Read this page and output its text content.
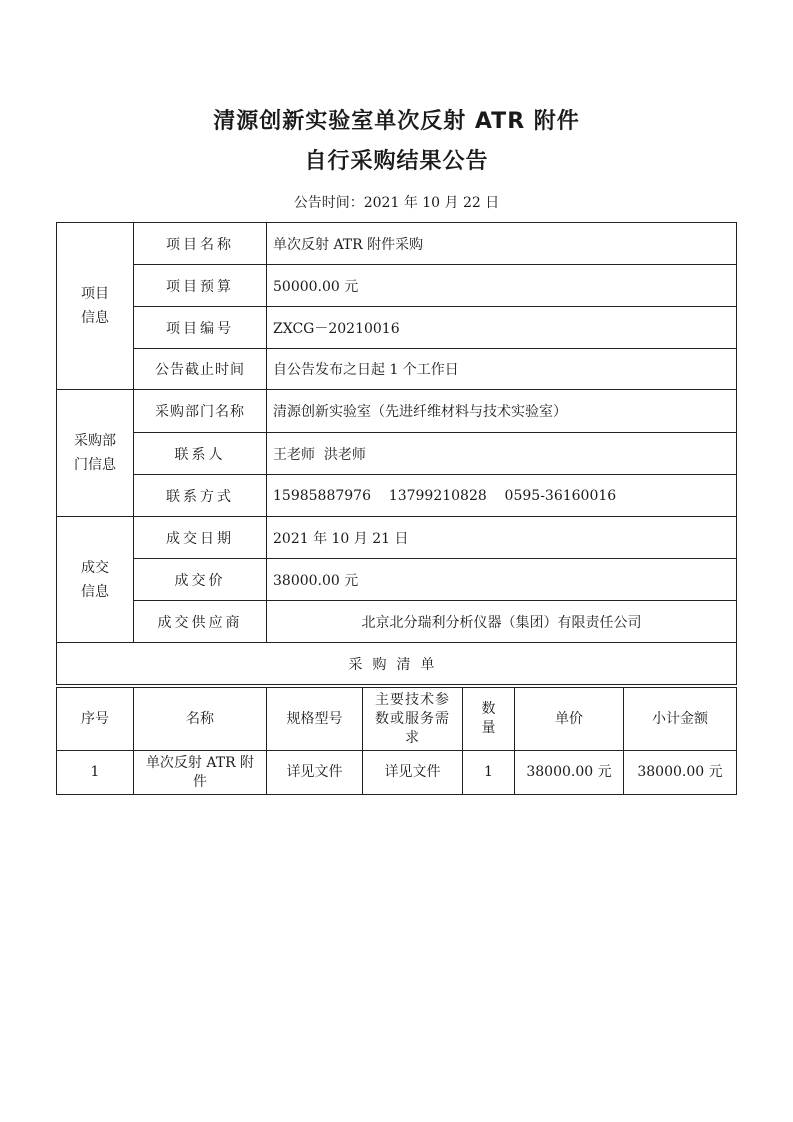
清源创新实验室单次反射 ATR 附件
自行采购结果公告
公告时间：2021 年 10 月 22 日
项目
信息	项目名称	单次反射 ATR 附件采购
	项目预算	50000.00 元
	项目编号	ZXCG－20210016
	公告截止时间	自公告发布之日起 1 个工作日
采购部
门信息	采购部门名称	清源创新实验室（先进纤维材料与技术实验室）
	联系人	王老师  洪老师
	联系方式	15985887976    13799210828    0595-36160016
成交
信息	成交日期	2021 年 10 月 21 日
	成交价	38000.00 元
	成交供应商	北京北分瑞利分析仪器（集团）有限责任公司
采购清单		
序号	名称	规格型号	主要技术参数或服务需求	数量	单价	小计金额
1	单次反射 ATR 附件	详见文件	详见文件	1	38000.00 元	38000.00 元
